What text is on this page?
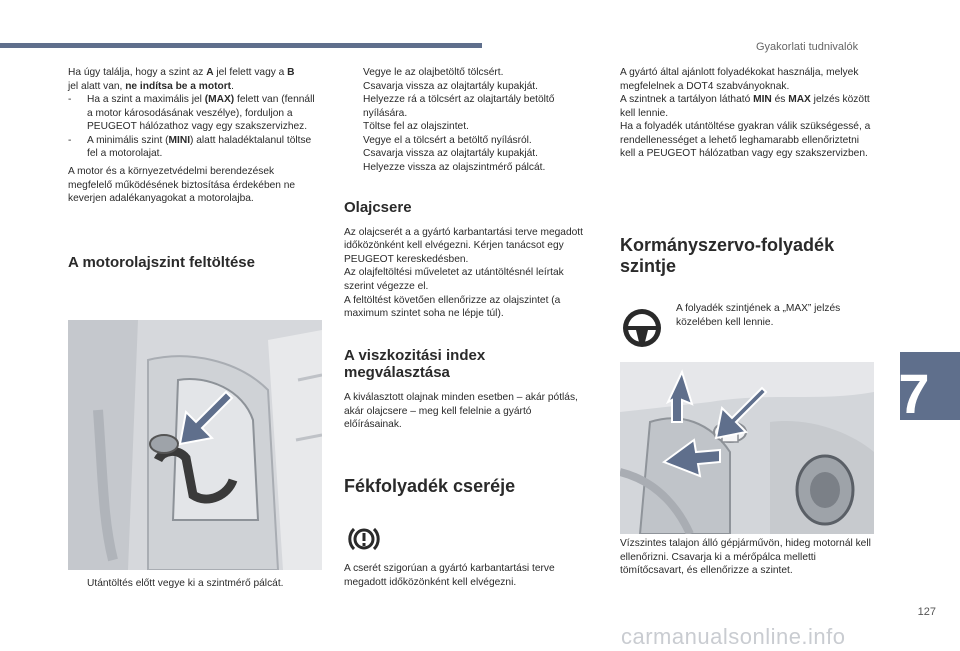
Gyakorlati tudnivalók
7

Ha úgy találja, hogy a szint az A jel felett vagy a B
jel alatt van, ne indítsa be a motort.

- Ha a szint a maximális jel (MAX) felett van (fennáll a motor károsodásának veszélye), forduljon a PEUGEOT hálózathoz vagy egy szakszervizhez.
- A minimális szint (MINI) alatt haladéktalanul töltse fel a motorolajat.

A motor és a környezetvédelmi berendezések megfelelő működésének biztosítása érdekében ne keverjen adalékanyagokat a motorolajba.

A motorolajszint feltöltése
Utántöltés előtt vegye ki a szintmérő pálcát.
Vegye le az olajbetöltő tölcsért.
Csavarja vissza az olajtartály kupakját.
Helyezze rá a tölcsért az olajtartály betöltő nyílására.
Töltse fel az olajszintet.
Vegye el a tölcsért a betöltő nyílásról.
Csavarja vissza az olajtartály kupakját.
Helyezze vissza az olajszintmérő pálcát.
Olajcsere

Az olajcserét a a gyártó karbantartási terve megadott időközönként kell elvégezni. Kérjen tanácsot egy PEUGEOT kereskedésben.
Az olajfeltöltési műveletet az utántöltésnél leírtak szerint végezze el.
A feltöltést követően ellenőrizze az olajszintet (a maximum szintet soha ne lépje túl).

A viszkozitási index megválasztása

A kiválasztott olajnak minden esetben – akár pótlás, akár olajcsere – meg kell felelnie a gyártó előírásainak.

Fékfolyadék cseréje

A cserét szigorúan a gyártó karbantartási terve megadott időközönként kell elvégezni.

A gyártó által ajánlott folyadékokat használja, melyek megfelelnek a DOT4 szabványoknak.
A szintnek a tartályon látható MIN és MAX jelzés között kell lennie.
Ha a folyadék utántöltése gyakran válik szükségessé, a rendellenességet a lehető leghamarabb ellenőriztetni kell a PEUGEOT hálózatban vagy egy szakszervizben.

Kormányszervo-folyadék szintje

A folyadék szintjének a „MAX” jelzés közelében kell lennie.

Vízszintes talajon álló gépjárművön, hideg motornál kell ellenőrizni. Csavarja ki a mérőpálca melletti tömítőcsavart, és ellenőrizze a szintet.

127
carmanualsonline.info
